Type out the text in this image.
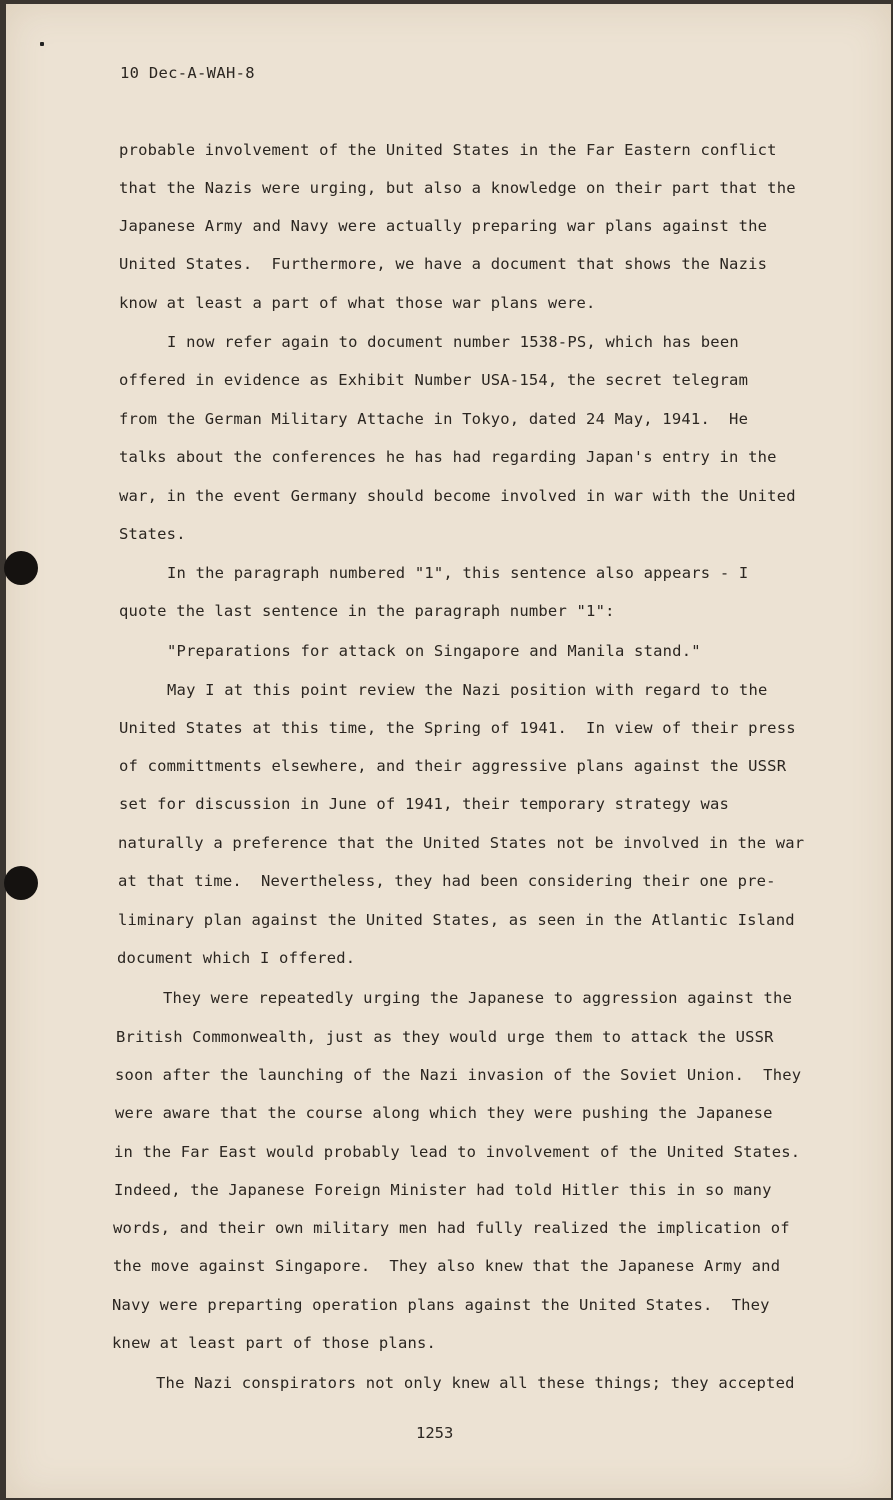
10 Dec-A-WAH-8
probable involvement of the United States in the Far Eastern conflict
that the Nazis were urging, but also a knowledge on their part that the
Japanese Army and Navy were actually preparing war plans against the
United States.  Furthermore, we have a document that shows the Nazis
know at least a part of what those war plans were.
I now refer again to document number 1538-PS, which has been
offered in evidence as Exhibit Number USA-154, the secret telegram
from the German Military Attache in Tokyo, dated 24 May, 1941.  He
talks about the conferences he has had regarding Japan's entry in the
war, in the event Germany should become involved in war with the United
States.
In the paragraph numbered "1", this sentence also appears - I
quote the last sentence in the paragraph number "1":
"Preparations for attack on Singapore and Manila stand."
May I at this point review the Nazi position with regard to the
United States at this time, the Spring of 1941.  In view of their press
of committments elsewhere, and their aggressive plans against the USSR
set for discussion in June of 1941, their temporary strategy was
naturally a preference that the United States not be involved in the war
at that time.  Nevertheless, they had been considering their one pre-
liminary plan against the United States, as seen in the Atlantic Island
document which I offered.
They were repeatedly urging the Japanese to aggression against the
British Commonwealth, just as they would urge them to attack the USSR
soon after the launching of the Nazi invasion of the Soviet Union.  They
were aware that the course along which they were pushing the Japanese
in the Far East would probably lead to involvement of the United States.
Indeed, the Japanese Foreign Minister had told Hitler this in so many
words, and their own military men had fully realized the implication of
the move against Singapore.  They also knew that the Japanese Army and
Navy were preparting operation plans against the United States.  They
knew at least part of those plans.
The Nazi conspirators not only knew all these things; they accepted
1253
